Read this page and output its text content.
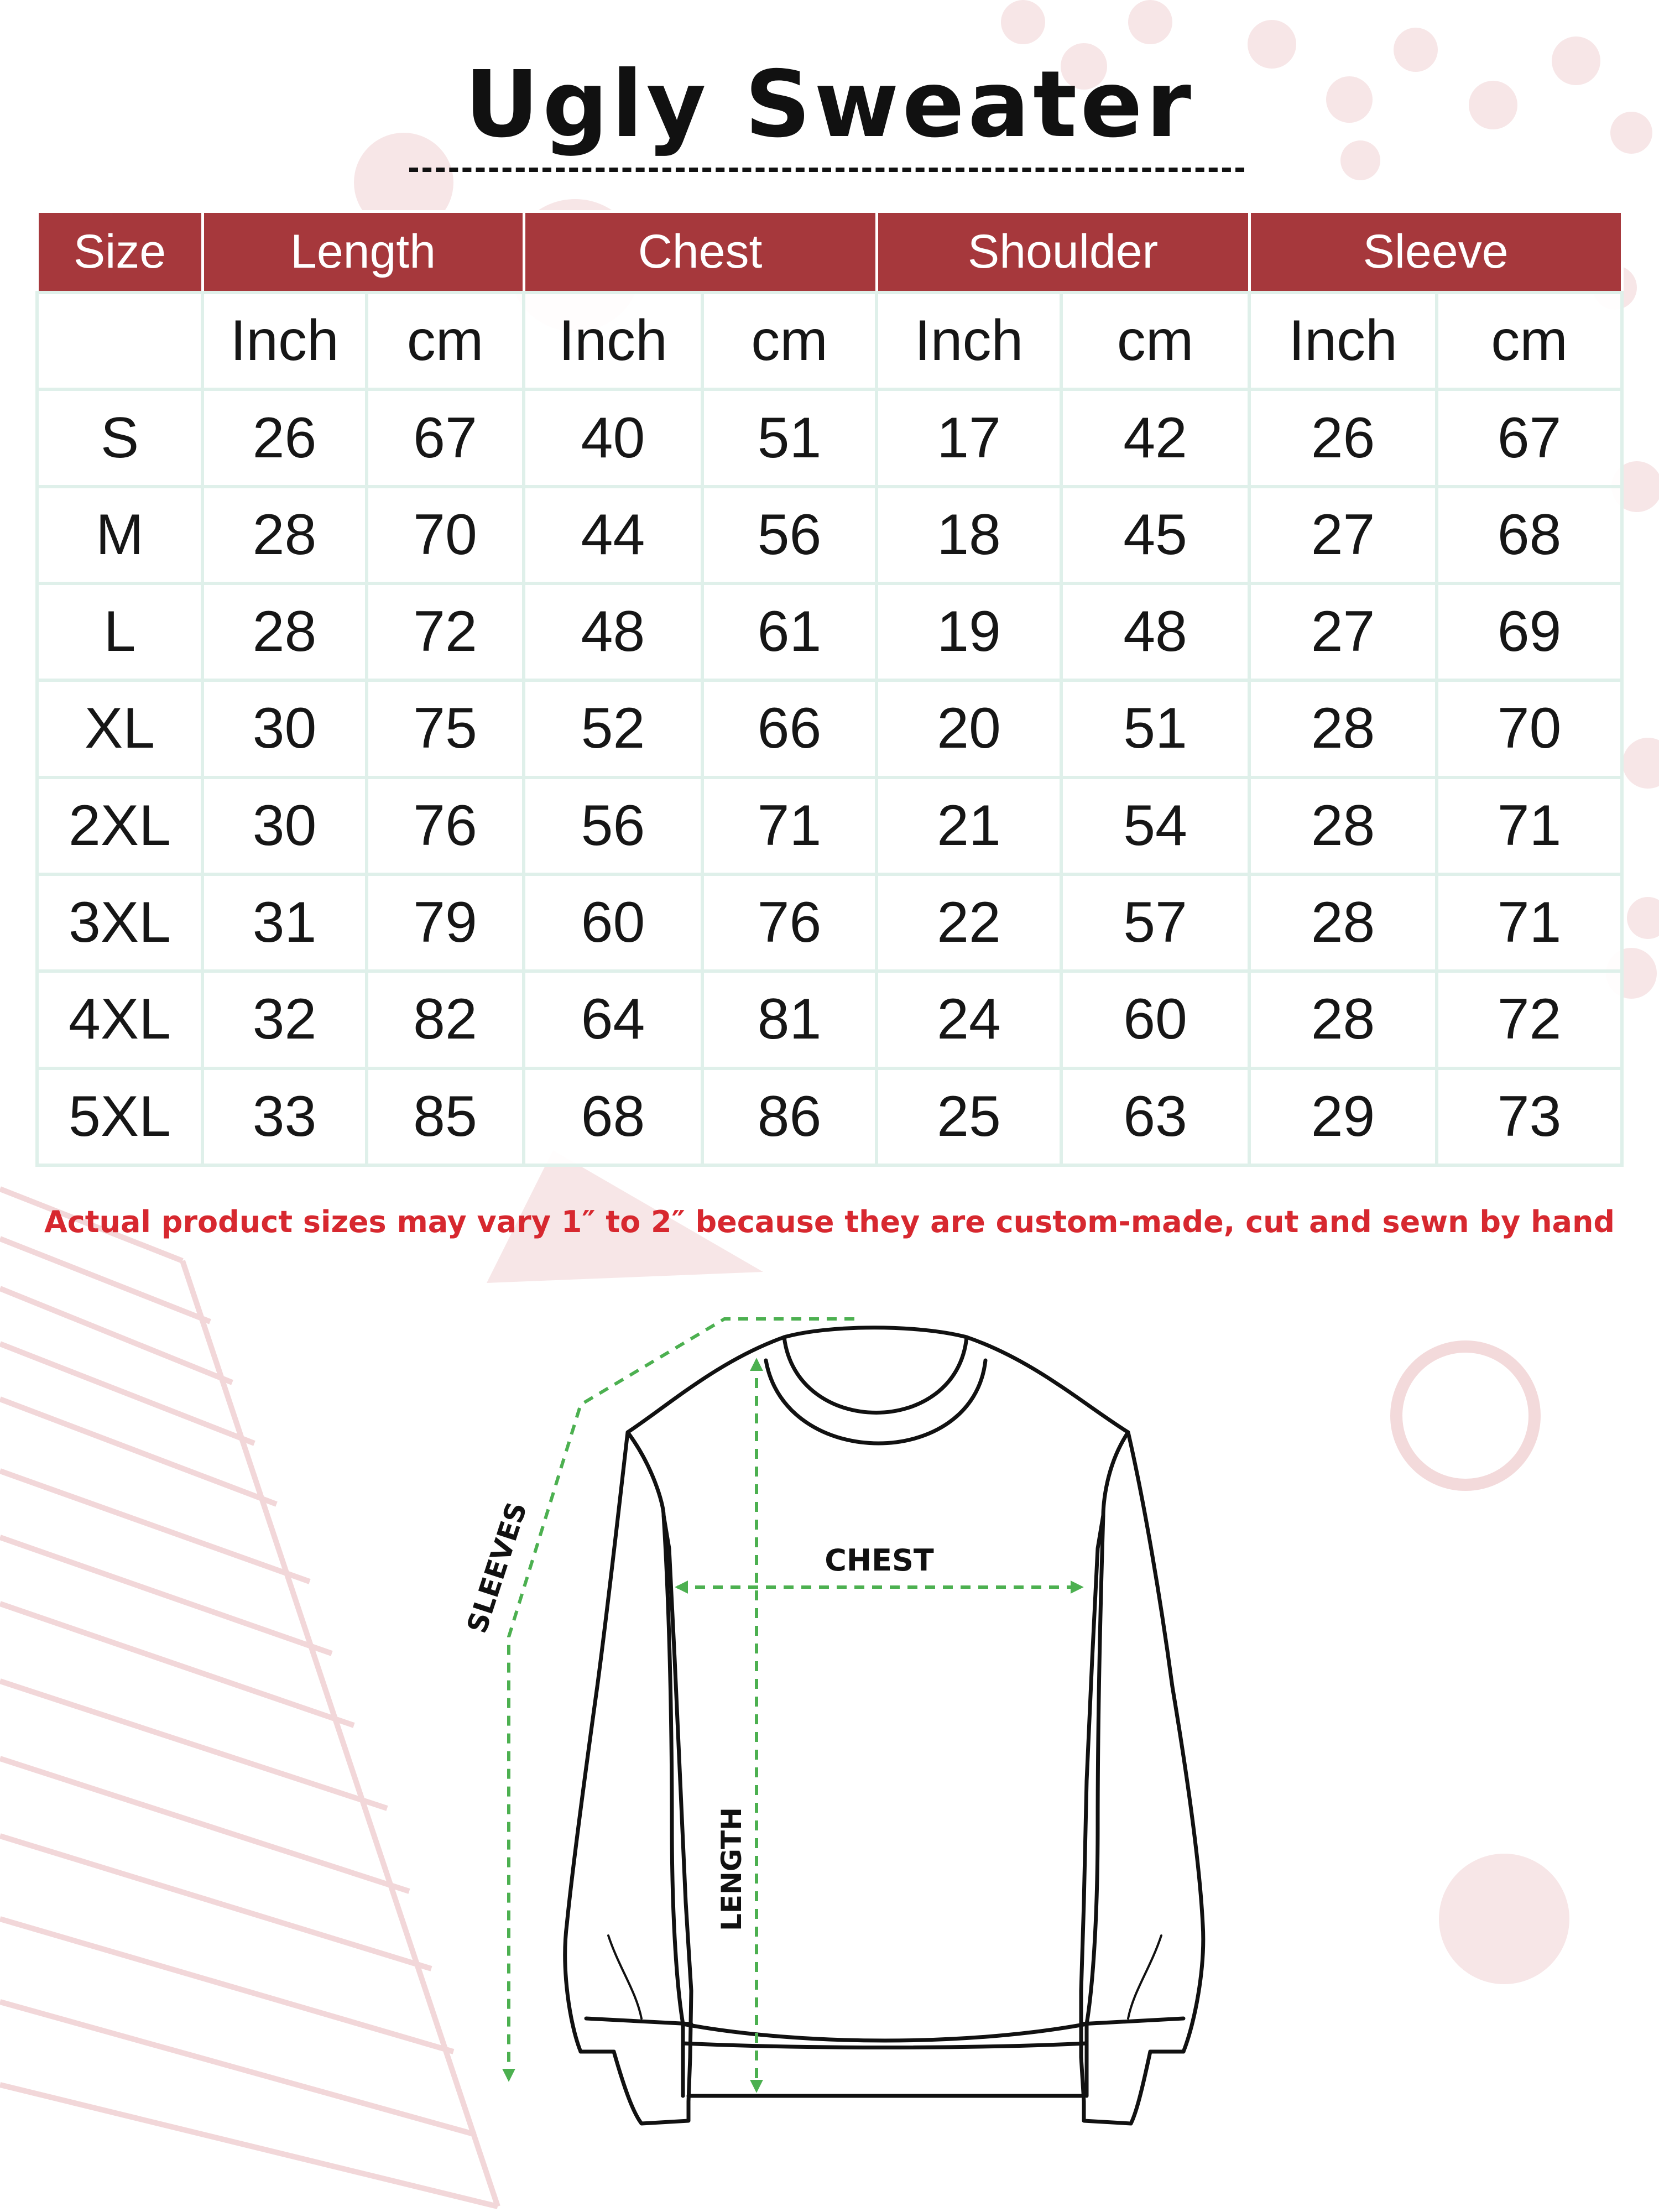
Ugly Sweater
Size	Length		Chest		Shoulder		Sleeve	
	Inch	cm	Inch	cm	Inch	cm	Inch	cm
S	26	67	40	51	17	42	26	67
M	28	70	44	56	18	45	27	68
L	28	72	48	61	19	48	27	69
XL	30	75	52	66	20	51	28	70
2XL	30	76	56	71	21	54	28	71
3XL	31	79	60	76	22	57	28	71
4XL	32	82	64	81	24	60	28	72
5XL	33	85	68	86	25	63	29	73
Actual product sizes may vary 1″ to 2″ because they are custom-made, cut and sewn by hand
CHEST
LENGTH
SLEEVES
